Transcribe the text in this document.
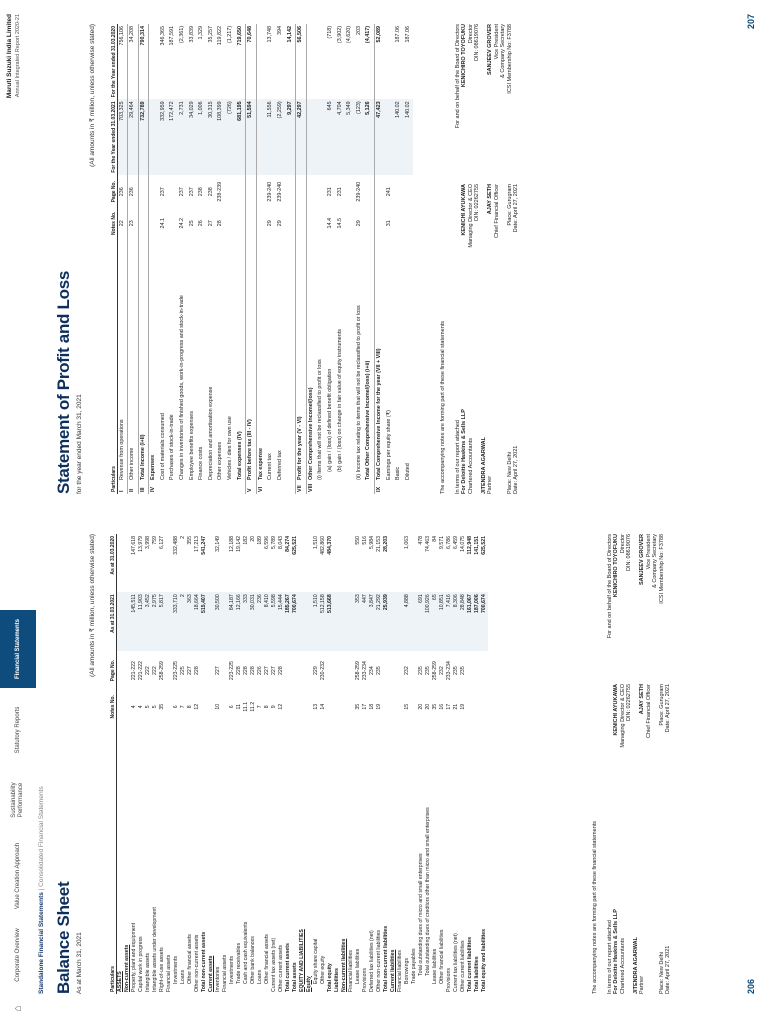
⌂
Corporate Overview
Value Creation Approach
Sustainability Performance
Statutory Reports
Financial Statements
Maruti Suzuki India Limited Annual Integrated Report 2020-21
Standalone Financial Statements | Consolidated Financial Statements
Balance Sheet As at March 31, 2021
(All amounts in ₹ million, unless otherwise stated)
Particulars	Notes No.	Page No.	As at 31.03.2021	As at 31.03.2020
ASSETS				
Non-current assets				
Property, plant and equipment	4	221-222	145,511	147,618
Capital work in progress	4	221-222	11,903	13,979
Intangible assets	5	222	3,452	3,998
Intangible assets under development	5	222	2,975	759
Right-of-use assets	35	258-259	5,817	6,127
Financial assets				
Investments	6	223-225	333,710	332,488
Loans	7	225	2	2
Other financial assets	8	227	363	355
Other non-current assets	12	228	18,664	17,213
Total non-current assets			515,407	541,247
Current assets				
Inventories	10	227	30,500	32,149
Financial assets				
Investments	6	223-225	84,187	12,188
Trade receivables	11	228	12,166	19,142
Cash and cash equivalents	11.1	228	333	182
Other bank balances	11.2	228	30,031	20
Loans	7	226	236	189
Other financial assets	8	227	8,410	6,596
Current tax assets (net)	9	227	5,598	5,789
Other current assets	12	228	15,444	8,043
Total current assets			185,267	84,274
Total assets			700,674	625,521
EQUITY AND LIABILITIES				
Equity				
Equity share capital	13	229	1,510	1,510
Other equity	14	230-232	512,158	482,860
Total equity			513,668	484,370
Liabilities				
Non-current liabilities				
Financial liabilities				
Lease liabilities	35	258-259	353	550
Provisions	17	233-234	447	516
Deferred tax liabilities (net)	18	234	3,847	5,984
Other non-current liabilities	19	235	21,292	21,153
Total non-current liabilities			25,939	28,203
Current liabilities				
Financial liabilities				
Borrowings	15	232	4,888	1,063
Trade payables				
Total outstanding dues of micro and small enterprises	20	235	691	478
Total outstanding dues of creditors other than micro and small enterprises	20	235	100,926	74,463
Lease liabilities	35	258-259	65	84
Other financial liabilities	16	232	10,851	9,571
Provisions	17	233-234	7,416	6,786
Current tax liabilities (net)	21	235	8,306	6,459
Other current liabilities	19	235	28,848	14,075
Total current liabilities			161,067	112,948
Total liabilities			187,006	141,151
Total equity and liabilities			700,674	625,521
The accompanying notes are forming part of these financial statements In terms of our report attached For Deloitte Haskins & Sells LLP Chartered Accountants JITENDRA AGARWAL Partner Place: New Delhi Date: April 27, 2021
KENICHI AYUKAWA Managing Director & CEO DIN: 02262755 AJAY SETH Chief Financial Officer Place: Gurugram Date: April 27, 2021
For and on behalf of the Board of Directors KENICHIRO TOYOFUKU Director DIN: 08619076 SANJEEV GROVER Vice President & Company Secretary ICSI Membership No: F3788
206
Statement of Profit and Loss for the year ended March 31, 2021
(All amounts in ₹ million, unless otherwise stated)
Particulars	Notes No.	Page No.	For the Year ended 31.03.2021	For the Year ended 31.03.2020
IRevenue from operations	22	236	703,325	756,106
IIOther income	23	236	29,464	34,208
IIITotal Income (I+II)			732,789	790,314
IVExpenses				
Cost of materials consumed	24.1	237	332,959	346,365
Purchases of stock-in-trade			172,472	187,591
Changes in inventories of finished goods, work-in-progress and stock-in-trade	24.2	237	2,731	(2,361)
Employee benefits expenses	25	237	34,029	33,839
Finance costs	26	238	1,006	1,329
Depreciation and amortisation expense	27	238	30,315	35,257
Other expenses	28	238-239	108,399	119,822
Vehicles / dies for own use			(726)	(1,217)
Total expenses (IV)			681,195	719,650
VProfit before tax (III - IV)			51,594	70,648
VITax expense				
Current tax	29	239-240	11,556	13,748
Deferred tax	29	239-240	(2,259)	394
			9,297	14,142
VIIProfit for the year (V - VI)			42,297	56,506
VIIIOther Comprehensive Income/(loss)				
(i) Items that will not be reclassified to profit or loss				
(a) gain / (loss) of defined benefit obligation	14.4	231	645	(718)
(b) gain / (loss) on change in fair value of equity instruments	14.5	231	4,704	(3,902)
			5,349	(4,620)
(ii) Income tax relating to items that will not be reclassified to profit or loss	29	239-240	(123)	203
Total Other Comprehensive Income/(loss) (i+ii)			5,126	(4,417)
IXTotal Comprehensive Income for the year (VII + VIII)			47,423	52,089
Earnings per equity share (₹)	31	241		
Basic			140.02	187.06
Diluted			140.02	187.06
The accompanying notes are forming part of these financial statements In terms of our report attached For Deloitte Haskins & Sells LLP Chartered Accountants JITENDRA AGARWAL Partner Place: New Delhi Date: April 27, 2021
KENICHI AYUKAWA Managing Director & CEO DIN: 02262755 AJAY SETH Chief Financial Officer Place: Gurugram Date: April 27, 2021
For and on behalf of the Board of Directors KENICHIRO TOYOFUKU Director DIN: 08619076 SANJEEV GROVER Vice President & Company Secretary ICSI Membership No: F3788
207
